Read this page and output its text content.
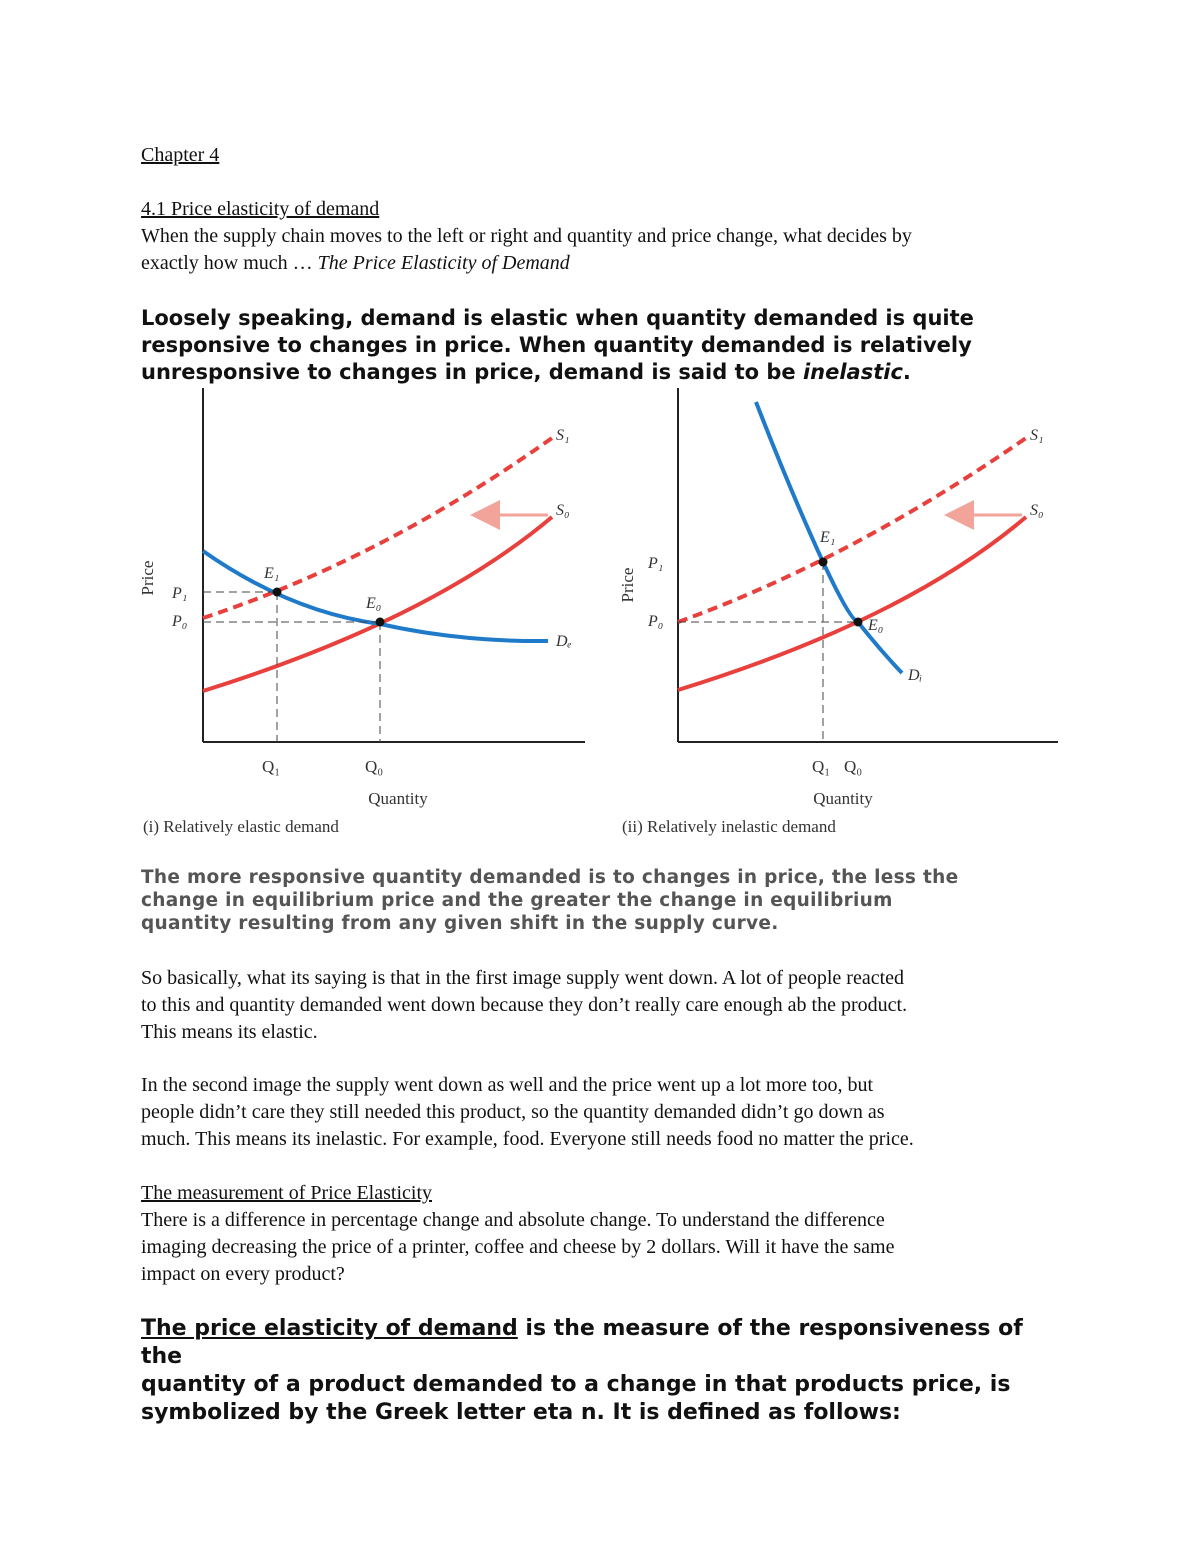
Chapter 4
4.1 Price elasticity of demand
When the supply chain moves to the left or right and quantity and price change, what decides by
exactly how much … The Price Elasticity of Demand
Loosely speaking, demand is elastic when quantity demanded is quite
responsive to changes in price. When quantity demanded is relatively
unresponsive to changes in price, demand is said to be inelastic.
Price P₁
P₀
Q₁	Q₀
Quantity
S₁
S₀
E₁
E₀
Dₑ
(i) Relatively elastic demand
Price
P₁
P₀
Q₁ Q₀
Quantity
S₁
S₀
E₁
E₀
Dᵢ
(ii) Relatively inelastic demand
The more responsive quantity demanded is to changes in price, the less the
change in equilibrium price and the greater the change in equilibrium
quantity resulting from any given shift in the supply curve.
So basically, what its saying is that in the first image supply went down. A lot of people reacted
to this and quantity demanded went down because they don’t really care enough ab the product.
This means its elastic.
In the second image the supply went down as well and the price went up a lot more too, but
people didn’t care they still needed this product, so the quantity demanded didn’t go down as
much. This means its inelastic. For example, food. Everyone still needs food no matter the price.
The measurement of Price Elasticity
There is a difference in percentage change and absolute change. To understand the difference
imaging decreasing the price of a printer, coffee and cheese by 2 dollars. Will it have the same
impact on every product?
The price elasticity of demand is the measure of the responsiveness of the
quantity of a product demanded to a change in that products price, is
symbolized by the Greek letter eta n. It is defined as follows:
